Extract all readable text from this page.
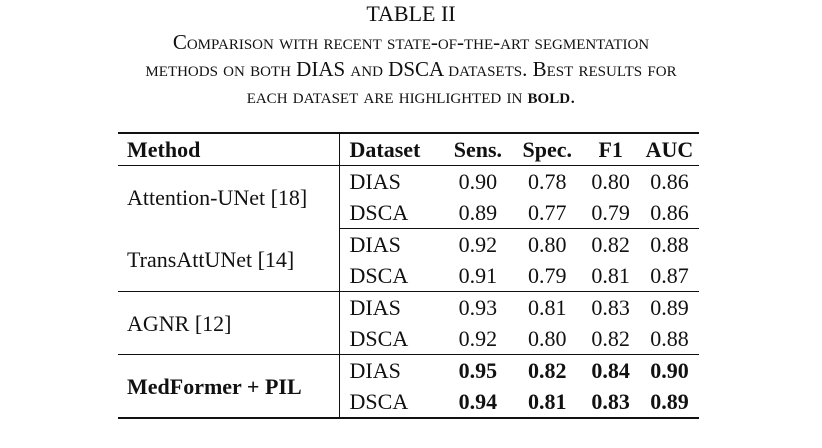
TABLE II
Comparison with recent state-of-the-art segmentation
methods on both DIAS and DSCA datasets. Best results for
each dataset are highlighted in bold.
Method	Dataset	Sens.	Spec.	F1	AUC
Attention-UNet [18]	DIAS	0.90	0.78	0.80	0.86
	DSCA	0.89	0.77	0.79	0.86
TransAttUNet [14]	DIAS	0.92	0.80	0.82	0.88
	DSCA	0.91	0.79	0.81	0.87
AGNR [12]	DIAS	0.93	0.81	0.83	0.89
	DSCA	0.92	0.80	0.82	0.88
MedFormer + PIL	DIAS	0.95	0.82	0.84	0.90
	DSCA	0.94	0.81	0.83	0.89
